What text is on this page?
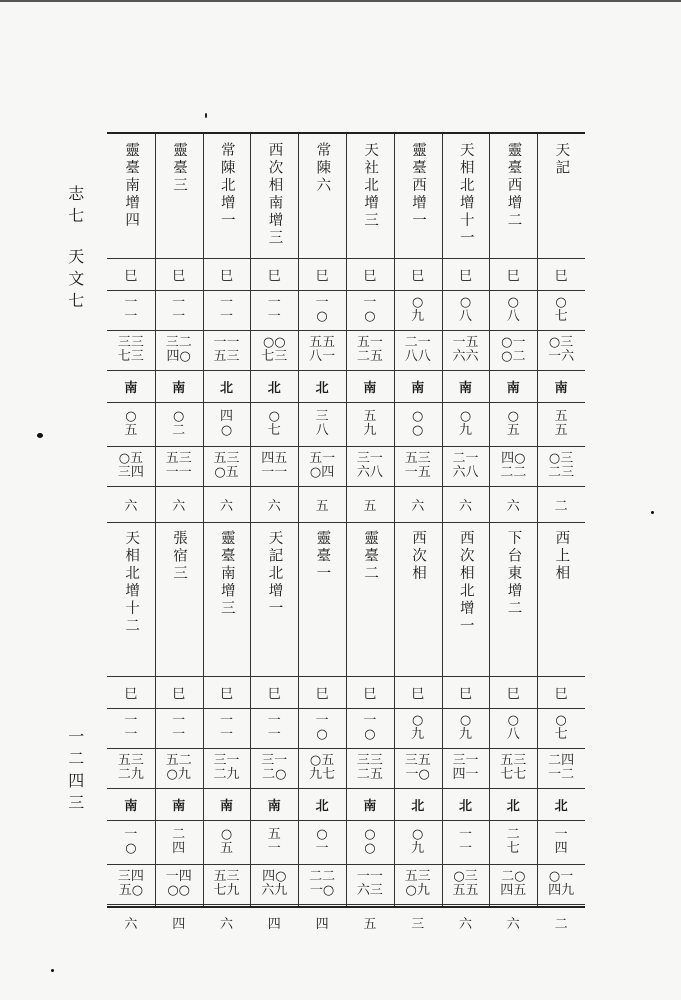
志七
天文七
一二四三
天記
靈臺西增二
天相北增十一
靈臺西增一
天社北增三
常陳六
西次相南增三
常陳北增一
靈臺三
靈臺南增四
巳
巳
巳
巳
巳
巳
巳
巳
巳
巳
○七
○八
○八
○九
一○
一○
一一
一一
一一
一一
○三一六
○一○二
一五六六
二一八八
五一二五
五五八一
○○七三
一一五三
三二四○
三三七三
南
南
南
南
南
北
北
北
南
南
五五
○五
○九
○○
五九
三八
○七
四○
○二
○五
○三二三
四○二二
二一六八
五三一五
三一六八
五一○四
四五一一
五三○五
五三一一
○五三四
二
六
六
六
五
五
六
六
六
六
西上相
下台東增二
西次相北增一
西次相
靈臺二
靈臺一
天記北增一
靈臺南增三
張宿三
天相北增十二
巳
巳
巳
巳
巳
巳
巳
巳
巳
巳
○七
○八
○九
○九
一○
一○
一一
一一
一一
一一
二四一二
五三七七
三一四一
三五一○
三三二五
○五九七
三一二○
三一二九
五二○九
五三二九
北
北
北
北
南
北
南
南
南
南
一四
二七
一一
○九
○○
○一
五一
○五
二四
一○
○一四九
二○四五
○三五五
五三○九
一一六三
二二一○
四○六九
五三七九
一四○○
三四五○
二
六
六
三
五
四
四
六
四
六
